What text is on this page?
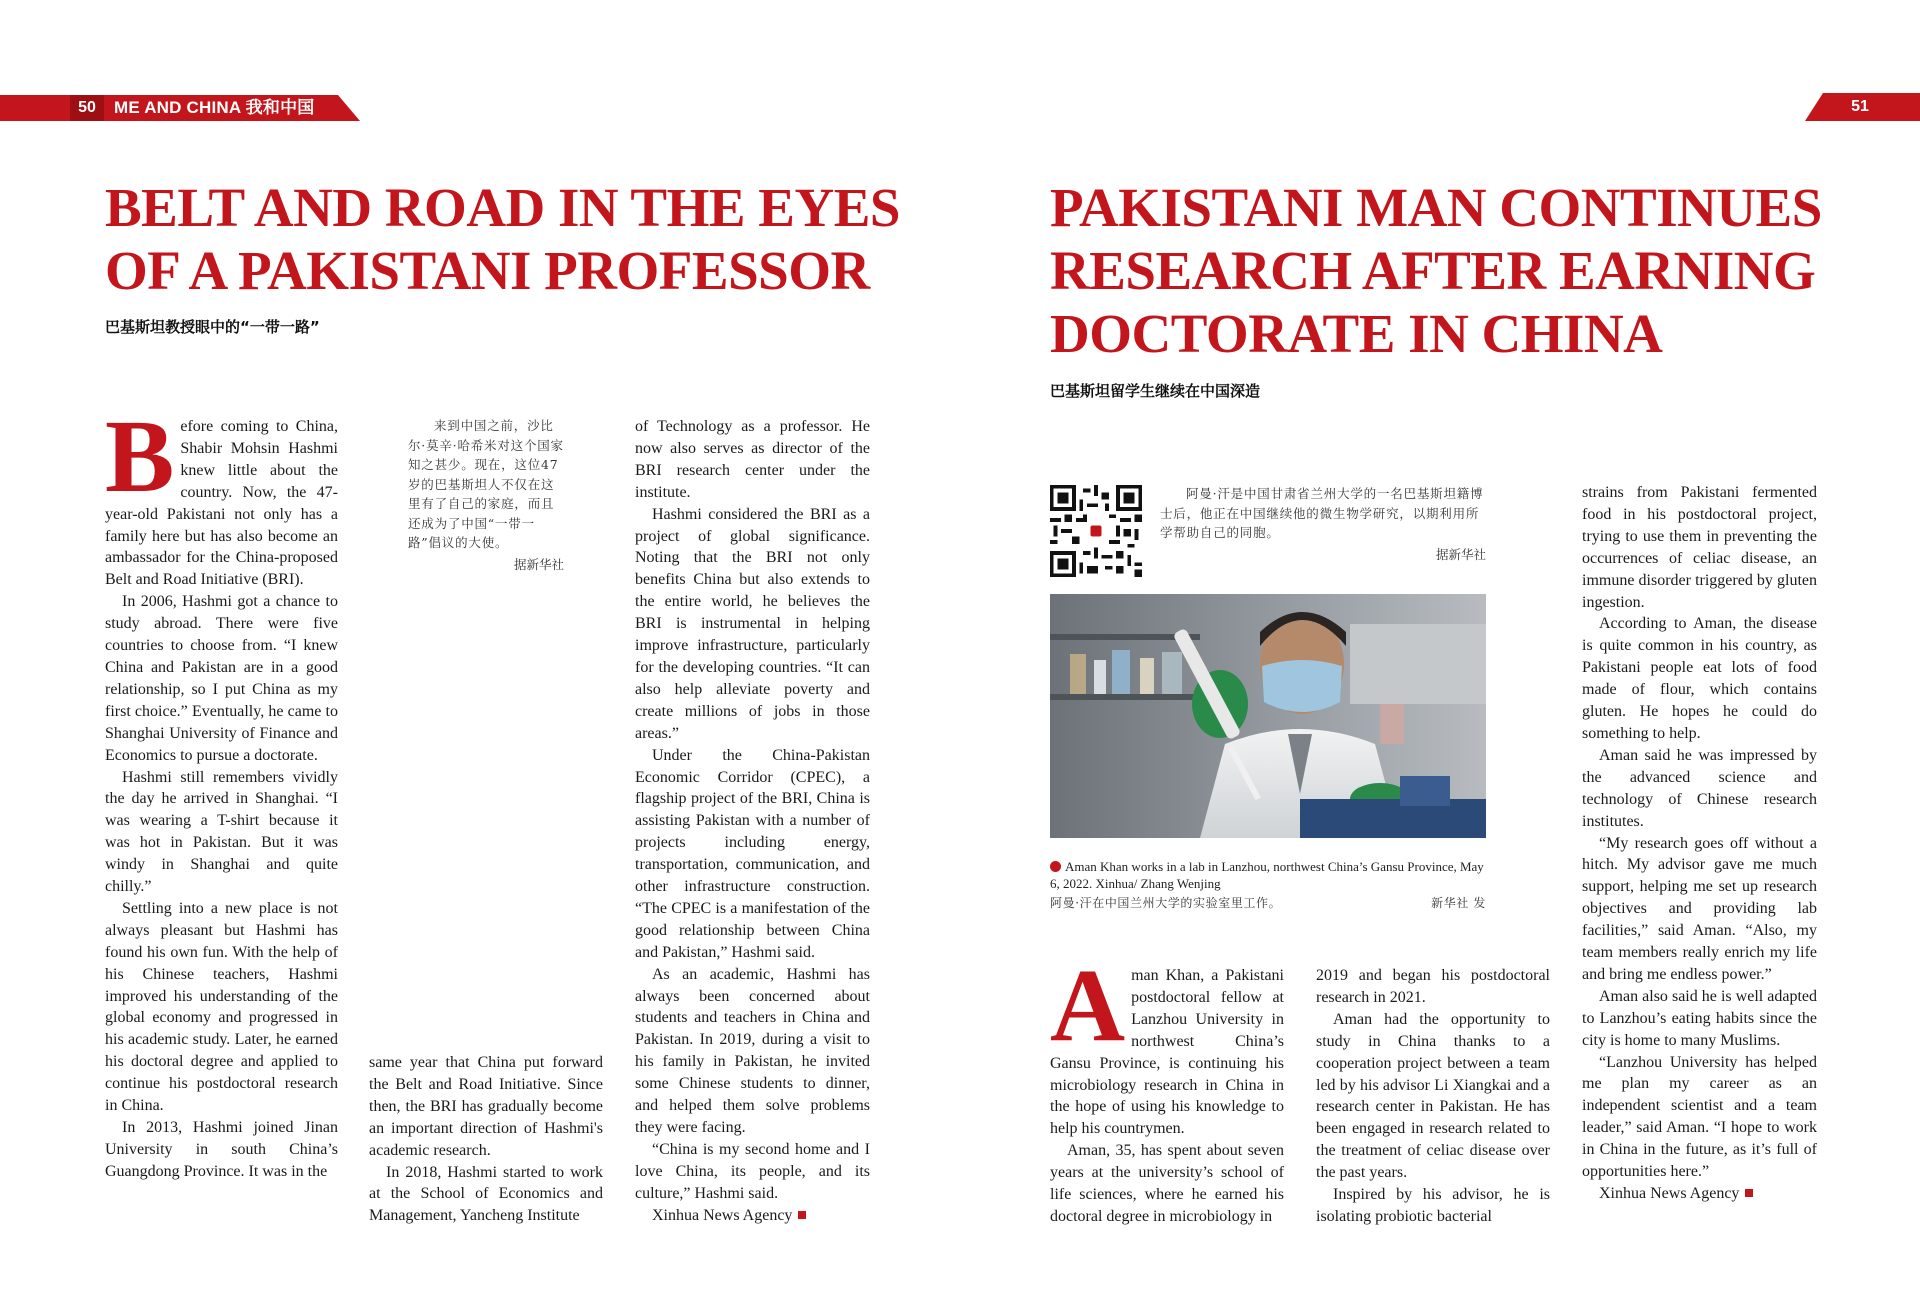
50	ME AND CHINA 我和中国	51
BELT AND ROAD IN THE EYES
OF A PAKISTANI PROFESSOR
巴基斯坦教授眼中的“一带一路”
B efore coming to China, Shabir Mohsin Hashmi knew little about the country. Now, the 47-year-old Pakistani not only has a family here but has also become an ambassador for the China-proposed Belt and Road Initiative (BRI).

In 2006, Hashmi got a chance to study abroad. There were five countries to choose from. “I knew China and Pakistan are in a good relationship, so I put China as my first choice.” Eventually, he came to Shanghai University of Finance and Economics to pursue a doctorate.

Hashmi still remembers vividly the day he arrived in Shanghai. “I was wearing a T-shirt because it was hot in Pakistan. But it was windy in Shanghai and quite chilly.”

Settling into a new place is not always pleasant but Hashmi has found his own fun. With the help of his Chinese teachers, Hashmi improved his understanding of the global economy and progressed in his academic study. Later, he earned his doctoral degree and applied to continue his postdoctoral research in China.

In 2013, Hashmi joined Jinan University in south China’s Guangdong Province. It was in the

来到中国之前，沙比尔·莫辛·哈希米对这个国家知之甚少。现在，这位47岁的巴基斯坦人不仅在这里有了自己的家庭，而且还成为了中国“一带一路”倡议的大使。

据新华社

same year that China put forward the Belt and Road Initiative. Since then, the BRI has gradually become an important direction of Hashmi's academic research.

In 2018, Hashmi started to work at the School of Economics and Management, Yancheng Institute

of Technology as a professor. He now also serves as director of the BRI research center under the institute.

Hashmi considered the BRI as a project of global significance. Noting that the BRI not only benefits China but also extends to the entire world, he believes the BRI is instrumental in helping improve infrastructure, particularly for the developing countries. “It can also help alleviate poverty and create millions of jobs in those areas.”

Under the China-Pakistan Economic Corridor (CPEC), a flagship project of the BRI, China is assisting Pakistan with a number of projects including energy, transportation, communication, and other infrastructure construction. “The CPEC is a manifestation of the good relationship between China and Pakistan,” Hashmi said.

As an academic, Hashmi has always been concerned about students and teachers in China and Pakistan. In 2019, during a visit to his family in Pakistan, he invited some Chinese students to dinner, and helped them solve problems they were facing.

“China is my second home and I love China, its people, and its culture,” Hashmi said.

Xinhua News Agency

PAKISTANI MAN CONTINUES
RESEARCH AFTER EARNING
DOCTORATE IN CHINA
巴基斯坦留学生继续在中国深造

阿曼·汗是中国甘肃省兰州大学的一名巴基斯坦籍博士后，他正在中国继续他的微生物学研究，以期利用所学帮助自己的同胞。

据新华社
Aman Khan works in a lab in Lanzhou, northwest China’s Gansu Province, May 6, 2022. Xinhua/ Zhang Wenjing
阿曼·汗在中国兰州大学的实验室里工作。	新华社 发
A man Khan, a Pakistani postdoctoral fellow at Lanzhou University in northwest China’s Gansu Province, is continuing his microbiology research in China in the hope of using his knowledge to help his countrymen.

Aman, 35, has spent about seven years at the university’s school of life sciences, where he earned his doctoral degree in microbiology in

2019 and began his postdoctoral research in 2021.

Aman had the opportunity to study in China thanks to a cooperation project between a team led by his advisor Li Xiangkai and a research center in Pakistan. He has been engaged in research related to the treatment of celiac disease over the past years.

Inspired by his advisor, he is isolating probiotic bacterial

strains from Pakistani fermented food in his postdoctoral project, trying to use them in preventing the occurrences of celiac disease, an immune disorder triggered by gluten ingestion.

According to Aman, the disease is quite common in his country, as Pakistani people eat lots of food made of flour, which contains gluten. He hopes he could do something to help.

Aman said he was impressed by the advanced science and technology of Chinese research institutes.

“My research goes off without a hitch. My advisor gave me much support, helping me set up research objectives and providing lab facilities,” said Aman. “Also, my team members really enrich my life and bring me endless power.”

Aman also said he is well adapted to Lanzhou’s eating habits since the city is home to many Muslims.

“Lanzhou University has helped me plan my career as an independent scientist and a team leader,” said Aman. “I hope to work in China in the future, as it’s full of opportunities here.”

Xinhua News Agency
